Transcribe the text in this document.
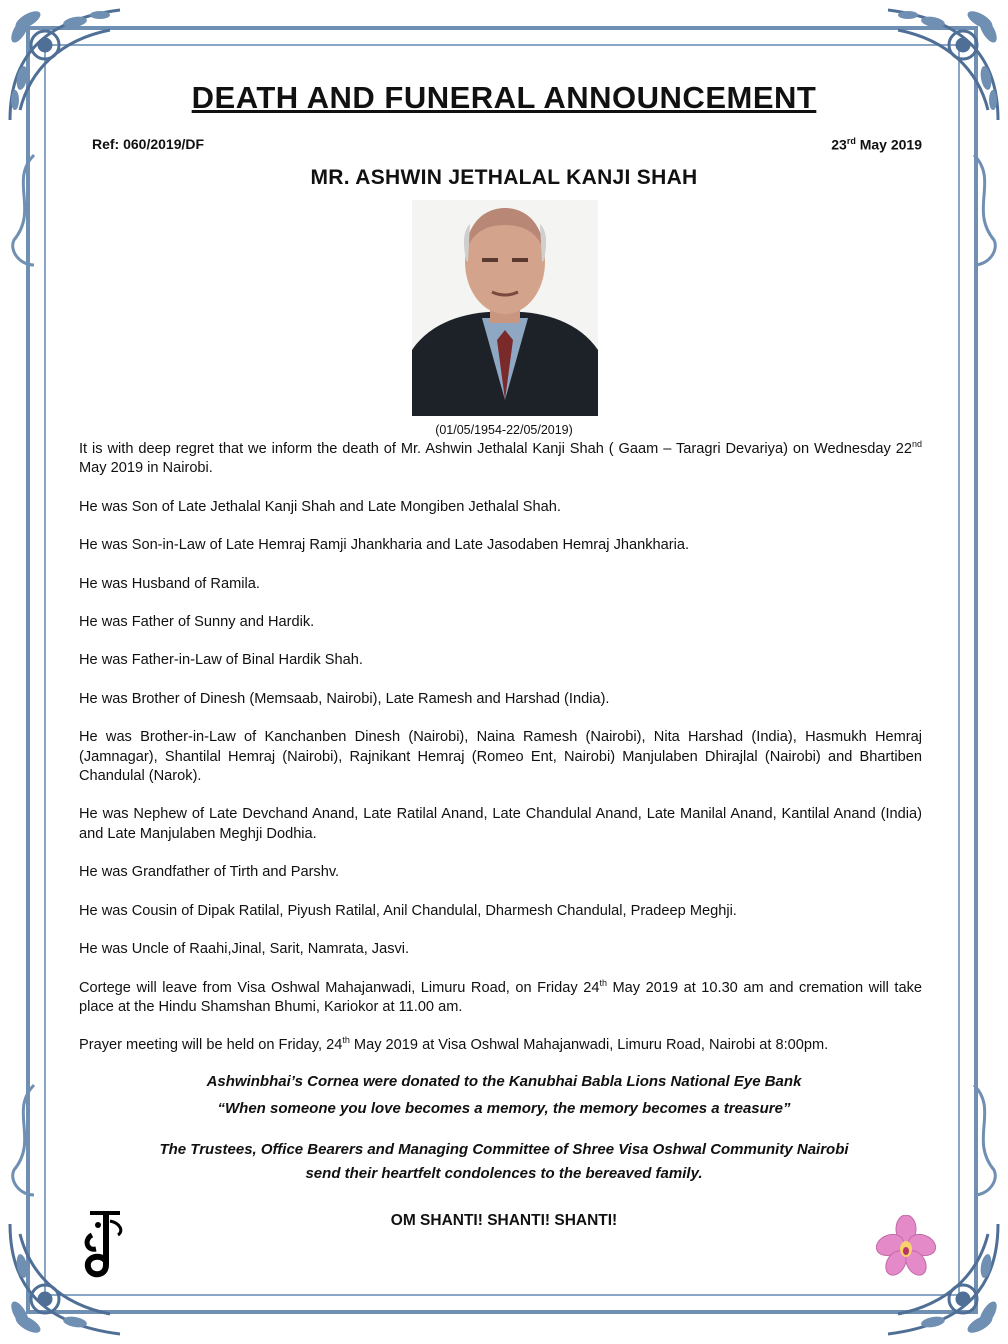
DEATH AND FUNERAL ANNOUNCEMENT
Ref: 060/2019/DF	23rd May 2019
MR. ASHWIN JETHALAL KANJI SHAH
(01/05/1954-22/05/2019)

It is with deep regret that we inform the death of Mr. Ashwin Jethalal Kanji Shah ( Gaam – Taragri Devariya) on Wednesday 22nd May 2019 in Nairobi.

He was Son of Late Jethalal Kanji Shah and Late Mongiben Jethalal Shah.

He was Son-in-Law of Late Hemraj Ramji Jhankharia and Late Jasodaben Hemraj Jhankharia.

He was Husband of Ramila.

He was Father of Sunny and Hardik.

He was Father-in-Law of Binal Hardik Shah.

He was Brother of Dinesh (Memsaab, Nairobi), Late Ramesh and Harshad (India).

He was Brother-in-Law of Kanchanben Dinesh (Nairobi), Naina Ramesh (Nairobi), Nita Harshad (India), Hasmukh Hemraj (Jamnagar), Shantilal Hemraj (Nairobi), Rajnikant Hemraj (Romeo Ent, Nairobi) Manjulaben Dhirajlal (Nairobi) and Bhartiben Chandulal (Narok).

He was Nephew of Late Devchand Anand, Late Ratilal Anand, Late Chandulal Anand, Late Manilal Anand, Kantilal Anand (India) and Late Manjulaben Meghji Dodhia.

He was Grandfather of Tirth and Parshv.

He was Cousin of Dipak Ratilal, Piyush Ratilal, Anil Chandulal, Dharmesh Chandulal, Pradeep Meghji.

He was Uncle of Raahi,Jinal, Sarit, Namrata, Jasvi.

Cortege will leave from Visa Oshwal Mahajanwadi, Limuru Road, on Friday 24th May 2019 at 10.30 am and cremation will take place at the Hindu Shamshan Bhumi, Kariokor at 11.00 am.

Prayer meeting will be held on Friday, 24th May 2019 at Visa Oshwal Mahajanwadi, Limuru Road, Nairobi at 8:00pm.

Ashwinbhai’s Cornea were donated to the Kanubhai Babla Lions National Eye Bank
“When someone you love becomes a memory, the memory becomes a treasure”
The Trustees, Office Bearers and Managing Committee of Shree Visa Oshwal Community Nairobi
send their heartfelt condolences to the bereaved family.
OM SHANTI! SHANTI! SHANTI!
